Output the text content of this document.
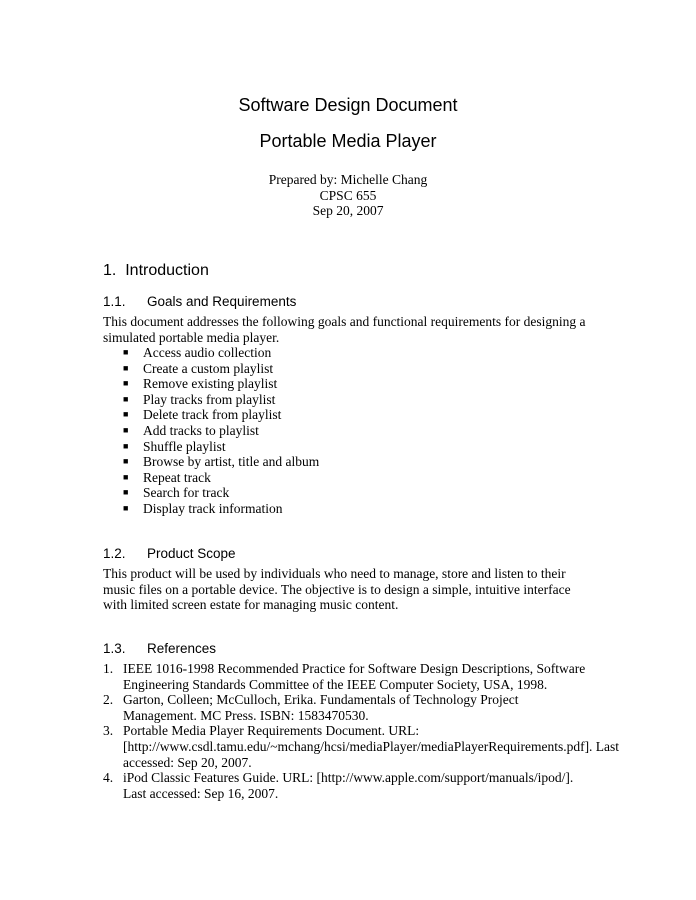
Software Design Document
Portable Media Player
Prepared by: Michelle Chang
CPSC 655
Sep 20, 2007
1. Introduction
1.1. Goals and Requirements
This document addresses the following goals and functional requirements for designing a
simulated portable media player.
■ Access audio collection
■ Create a custom playlist
■ Remove existing playlist
■ Play tracks from playlist
■ Delete track from playlist
■ Add tracks to playlist
■ Shuffle playlist
■ Browse by artist, title and album
■ Repeat track
■ Search for track
■ Display track information
1.2. Product Scope
This product will be used by individuals who need to manage, store and listen to their
music files on a portable device. The objective is to design a simple, intuitive interface
with limited screen estate for managing music content.
1.3. References
1. IEEE 1016-1998 Recommended Practice for Software Design Descriptions, Software
Engineering Standards Committee of the IEEE Computer Society, USA, 1998.
2. Garton, Colleen; McCulloch, Erika. Fundamentals of Technology Project
Management. MC Press. ISBN: 1583470530.
3. Portable Media Player Requirements Document. URL:
[http://www.csdl.tamu.edu/~mchang/hcsi/mediaPlayer/mediaPlayerRequirements.pdf]. Last
accessed: Sep 20, 2007.
4. iPod Classic Features Guide. URL: [http://www.apple.com/support/manuals/ipod/].
Last accessed: Sep 16, 2007.
